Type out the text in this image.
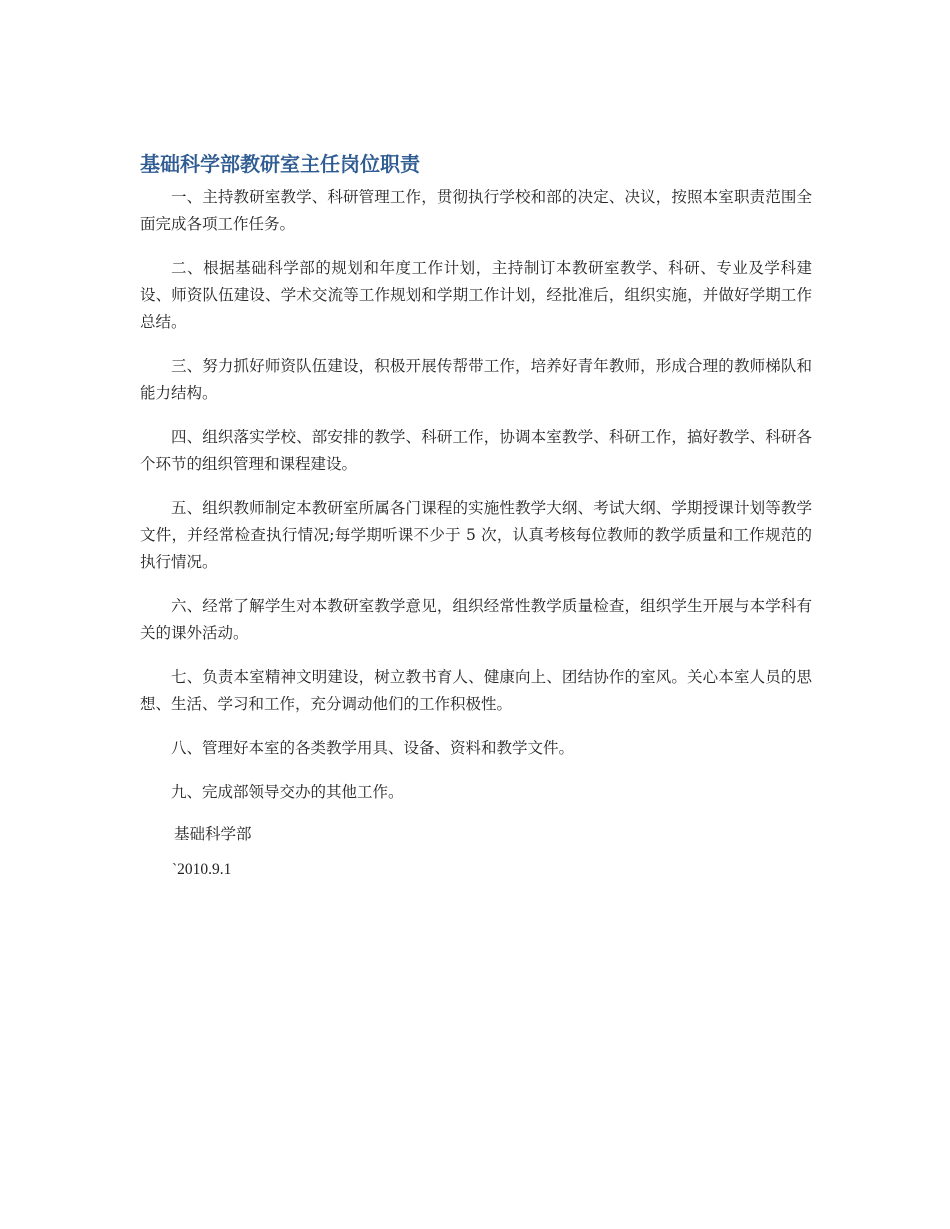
基础科学部教研室主任岗位职责

一、主持教研室教学、科研管理工作，贯彻执行学校和部的决定、决议，按照本室职责范围全面完成各项工作任务。

二、根据基础科学部的规划和年度工作计划，主持制订本教研室教学、科研、专业及学科建设、师资队伍建设、学术交流等工作规划和学期工作计划，经批准后，组织实施，并做好学期工作总结。

三、努力抓好师资队伍建设，积极开展传帮带工作，培养好青年教师，形成合理的教师梯队和能力结构。

四、组织落实学校、部安排的教学、科研工作，协调本室教学、科研工作，搞好教学、科研各个环节的组织管理和课程建设。

五、组织教师制定本教研室所属各门课程的实施性教学大纲、考试大纲、学期授课计划等教学文件，并经常检查执行情况;每学期听课不少于 5 次，认真考核每位教师的教学质量和工作规范的执行情况。

六、经常了解学生对本教研室教学意见，组织经常性教学质量检查，组织学生开展与本学科有关的课外活动。

七、负责本室精神文明建设，树立教书育人、健康向上、团结协作的室风。关心本室人员的思想、生活、学习和工作，充分调动他们的工作积极性。

八、管理好本室的各类教学用具、设备、资料和教学文件。

九、完成部领导交办的其他工作。

基础科学部

`2010.9.1
